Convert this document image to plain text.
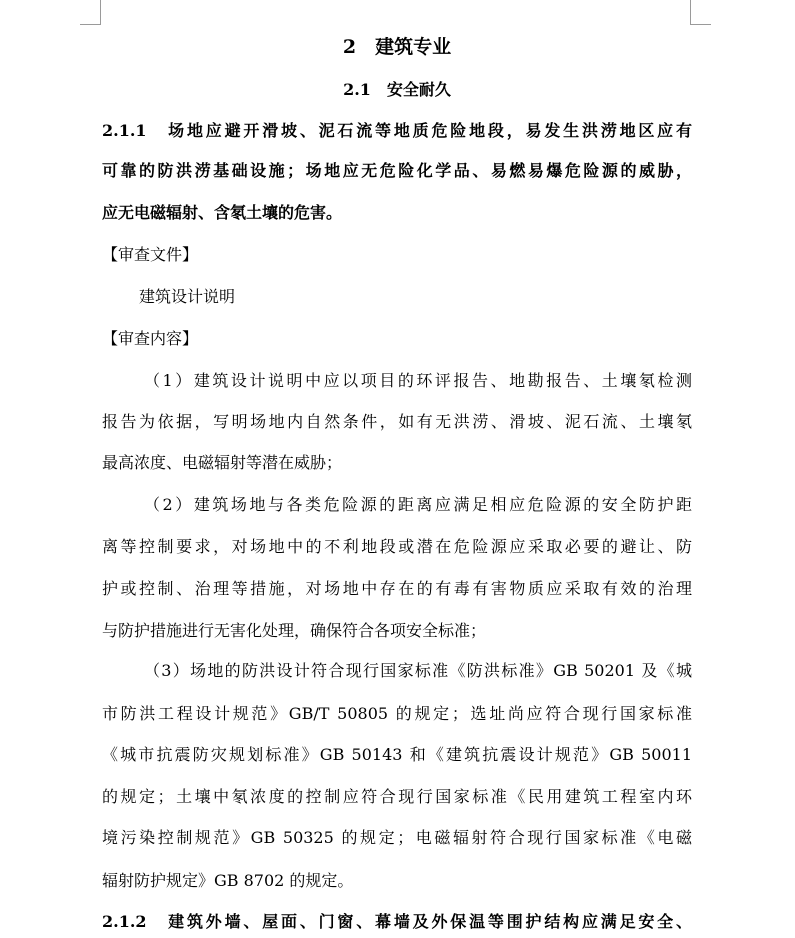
2　建筑专业
2.1　安全耐久
2.1.1　场地应避开滑坡、泥石流等地质危险地段，易发生洪涝地区应有
可靠的防洪涝基础设施；场地应无危险化学品、易燃易爆危险源的威胁，
应无电磁辐射、含氡土壤的危害。
【审查文件】
建筑设计说明
【审查内容】
（1）建筑设计说明中应以项目的环评报告、地勘报告、土壤氡检测
报告为依据，写明场地内自然条件，如有无洪涝、滑坡、泥石流、土壤氡
最高浓度、电磁辐射等潜在威胁；
（2）建筑场地与各类危险源的距离应满足相应危险源的安全防护距
离等控制要求，对场地中的不利地段或潜在危险源应采取必要的避让、防
护或控制、治理等措施，对场地中存在的有毒有害物质应采取有效的治理
与防护措施进行无害化处理，确保符合各项安全标准；
（3）场地的防洪设计符合现行国家标准《防洪标准》GB 50201 及《城
市防洪工程设计规范》GB/T 50805 的规定；选址尚应符合现行国家标准
《城市抗震防灾规划标准》GB 50143 和《建筑抗震设计规范》GB 50011
的规定；土壤中氡浓度的控制应符合现行国家标准《民用建筑工程室内环
境污染控制规范》GB 50325 的规定；电磁辐射符合现行国家标准《电磁
辐射防护规定》GB 8702 的规定。
2.1.2　建筑外墙、屋面、门窗、幕墙及外保温等围护结构应满足安全、
